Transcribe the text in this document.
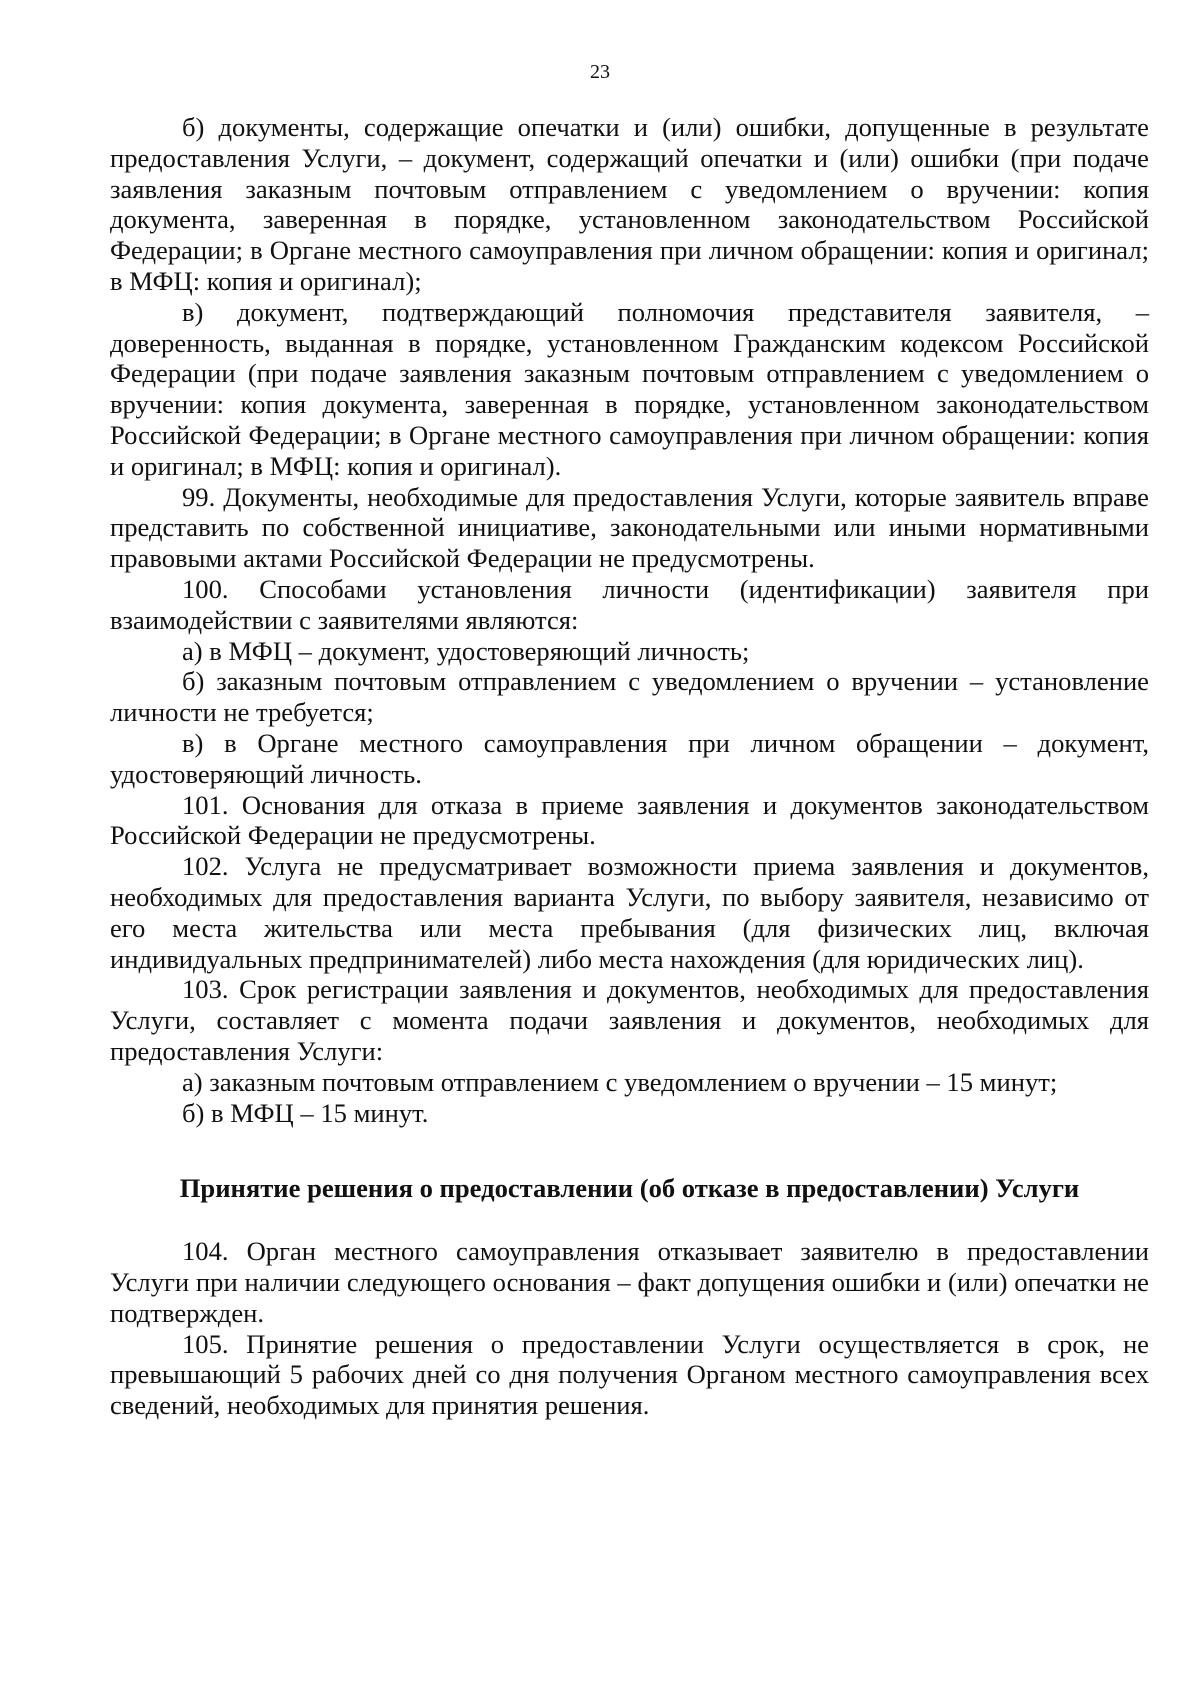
23

б) документы, содержащие опечатки и (или) ошибки, допущенные в результате предоставления Услуги, – документ, содержащий опечатки и (или) ошибки (при подаче заявления заказным почтовым отправлением с уведомлением о вручении: копия документа, заверенная в порядке, установленном законодательством Российской Федерации; в Органе местного самоуправления при личном обращении: копия и оригинал; в МФЦ: копия и оригинал);

в) документ, подтверждающий полномочия представителя заявителя, – доверенность, выданная в порядке, установленном Гражданским кодексом Российской Федерации (при подаче заявления заказным почтовым отправлением с уведомлением о вручении: копия документа, заверенная в порядке, установленном законодательством Российской Федерации; в Органе местного самоуправления при личном обращении: копия и оригинал; в МФЦ: копия и оригинал).

99. Документы, необходимые для предоставления Услуги, которые заявитель вправе представить по собственной инициативе, законодательными или иными нормативными правовыми актами Российской Федерации не предусмотрены.

100. Способами установления личности (идентификации) заявителя при взаимодействии с заявителями являются:

а) в МФЦ – документ, удостоверяющий личность;

б) заказным почтовым отправлением с уведомлением о вручении – установление личности не требуется;

в) в Органе местного самоуправления при личном обращении – документ, удостоверяющий личность.

101. Основания для отказа в приеме заявления и документов законодательством Российской Федерации не предусмотрены.

102. Услуга не предусматривает возможности приема заявления и документов, необходимых для предоставления варианта Услуги, по выбору заявителя, независимо от его места жительства или места пребывания (для физических лиц, включая индивидуальных предпринимателей) либо места нахождения (для юридических лиц).

103. Срок регистрации заявления и документов, необходимых для предоставления Услуги, составляет с момента подачи заявления и документов, необходимых для предоставления Услуги:

а) заказным почтовым отправлением с уведомлением о вручении – 15 минут;

б) в МФЦ – 15 минут.

Принятие решения о предоставлении (об отказе в предоставлении) Услуги

104. Орган местного самоуправления отказывает заявителю в предоставлении Услуги при наличии следующего основания – факт допущения ошибки и (или) опечатки не подтвержден.

105. Принятие решения о предоставлении Услуги осуществляется в срок, не превышающий 5 рабочих дней со дня получения Органом местного самоуправления всех сведений, необходимых для принятия решения.
